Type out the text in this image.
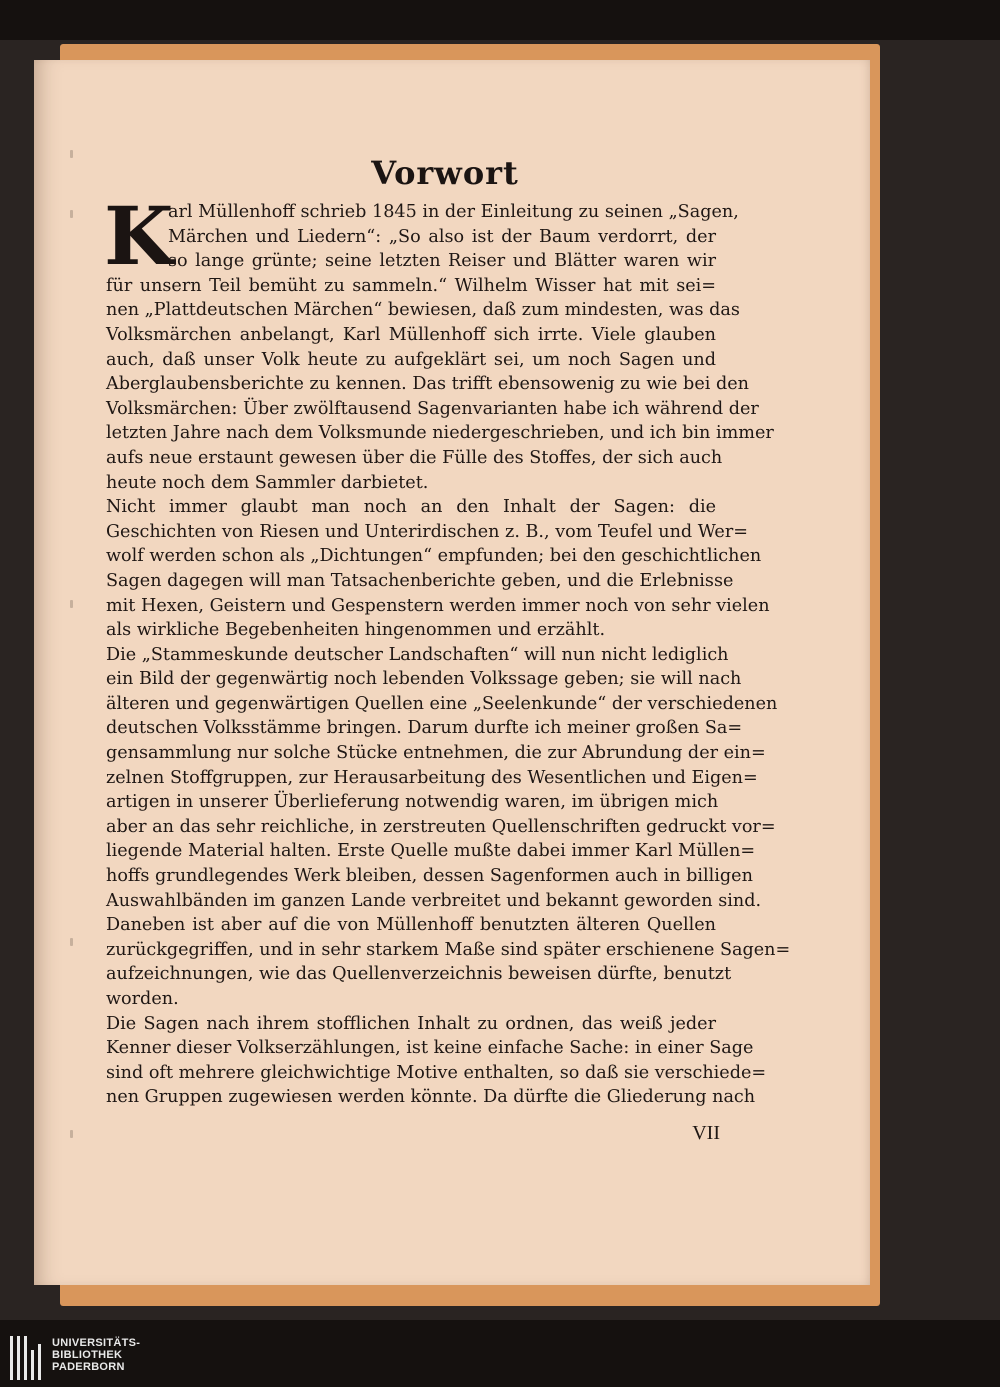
Vorwort
K
arl Müllenhoff schrieb 1845 in der Einleitung zu seinen „Sagen,
Märchen und Liedern“: „So also ist der Baum verdorrt, der
so lange grünte; seine letzten Reiser und Blätter waren wir
für unsern Teil bemüht zu sammeln.“ Wilhelm Wisser hat mit sei=
nen „Plattdeutschen Märchen“ bewiesen, daß zum mindesten, was das
Volksmärchen anbelangt, Karl Müllenhoff sich irrte. Viele glauben
auch, daß unser Volk heute zu aufgeklärt sei, um noch Sagen und
Aberglaubensberichte zu kennen. Das trifft ebensowenig zu wie bei den
Volksmärchen: Über zwölftausend Sagenvarianten habe ich während der
letzten Jahre nach dem Volksmunde niedergeschrieben, und ich bin immer
aufs neue erstaunt gewesen über die Fülle des Stoffes, der sich auch
heute noch dem Sammler darbietet.
Nicht immer glaubt man noch an den Inhalt der Sagen: die
Geschichten von Riesen und Unterirdischen z. B., vom Teufel und Wer=
wolf werden schon als „Dichtungen“ empfunden; bei den geschichtlichen
Sagen dagegen will man Tatsachenberichte geben, und die Erlebnisse
mit Hexen, Geistern und Gespenstern werden immer noch von sehr vielen
als wirkliche Begebenheiten hingenommen und erzählt.
Die „Stammeskunde deutscher Landschaften“ will nun nicht lediglich
ein Bild der gegenwärtig noch lebenden Volkssage geben; sie will nach
älteren und gegenwärtigen Quellen eine „Seelenkunde“ der verschiedenen
deutschen Volksstämme bringen. Darum durfte ich meiner großen Sa=
gensammlung nur solche Stücke entnehmen, die zur Abrundung der ein=
zelnen Stoffgruppen, zur Herausarbeitung des Wesentlichen und Eigen=
artigen in unserer Überlieferung notwendig waren, im übrigen mich
aber an das sehr reichliche, in zerstreuten Quellenschriften gedruckt vor=
liegende Material halten. Erste Quelle mußte dabei immer Karl Müllen=
hoffs grundlegendes Werk bleiben, dessen Sagenformen auch in billigen
Auswahlbänden im ganzen Lande verbreitet und bekannt geworden sind.
Daneben ist aber auf die von Müllenhoff benutzten älteren Quellen
zurückgegriffen, und in sehr starkem Maße sind später erschienene Sagen=
aufzeichnungen, wie das Quellenverzeichnis beweisen dürfte, benutzt
worden.
Die Sagen nach ihrem stofflichen Inhalt zu ordnen, das weiß jeder
Kenner dieser Volkserzählungen, ist keine einfache Sache: in einer Sage
sind oft mehrere gleichwichtige Motive enthalten, so daß sie verschiede=
nen Gruppen zugewiesen werden könnte. Da dürfte die Gliederung nach
VII
UNIVERSITÄTS-
BIBLIOTHEK
PADERBORN
